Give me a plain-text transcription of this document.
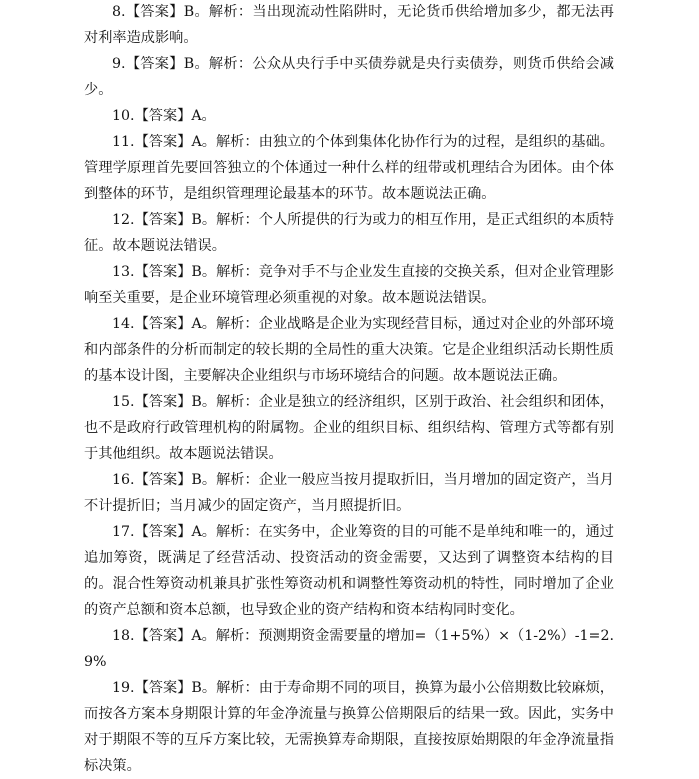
8.【答案】B。解析：当出现流动性陷阱时，无论货币供给增加多少，都无法再对利率造成影响。

9.【答案】B。解析：公众从央行手中买债券就是央行卖债券，则货币供给会减少。

10.【答案】A。

11.【答案】A。解析：由独立的个体到集体化协作行为的过程，是组织的基础。管理学原理首先要回答独立的个体通过一种什么样的纽带或机理结合为团体。由个体到整体的环节，是组织管理理论最基本的环节。故本题说法正确。

12.【答案】B。解析：个人所提供的行为或力的相互作用，是正式组织的本质特征。故本题说法错误。

13.【答案】B。解析：竞争对手不与企业发生直接的交换关系，但对企业管理影响至关重要，是企业环境管理必须重视的对象。故本题说法错误。

14.【答案】A。解析：企业战略是企业为实现经营目标，通过对企业的外部环境和内部条件的分析而制定的较长期的全局性的重大决策。它是企业组织活动长期性质的基本设计图，主要解决企业组织与市场环境结合的问题。故本题说法正确。

15.【答案】B。解析：企业是独立的经济组织，区别于政治、社会组织和团体，也不是政府行政管理机构的附属物。企业的组织目标、组织结构、管理方式等都有别于其他组织。故本题说法错误。

16.【答案】B。解析：企业一般应当按月提取折旧，当月增加的固定资产，当月不计提折旧；当月减少的固定资产，当月照提折旧。

17.【答案】A。解析：在实务中，企业筹资的目的可能不是单纯和唯一的，通过追加筹资，既满足了经营活动、投资活动的资金需要，又达到了调整资本结构的目的。混合性筹资动机兼具扩张性筹资动机和调整性筹资动机的特性，同时增加了企业的资产总额和资本总额，也导致企业的资产结构和资本结构同时变化。

18.【答案】A。解析：预测期资金需要量的增加=（1+5%）×（1-2%）-1=2.9%

19.【答案】B。解析：由于寿命期不同的项目，换算为最小公倍期数比较麻烦，而按各方案本身期限计算的年金净流量与换算公倍期限后的结果一致。因此，实务中对于期限不等的互斥方案比较，无需换算寿命期限，直接按原始期限的年金净流量指标决策。
